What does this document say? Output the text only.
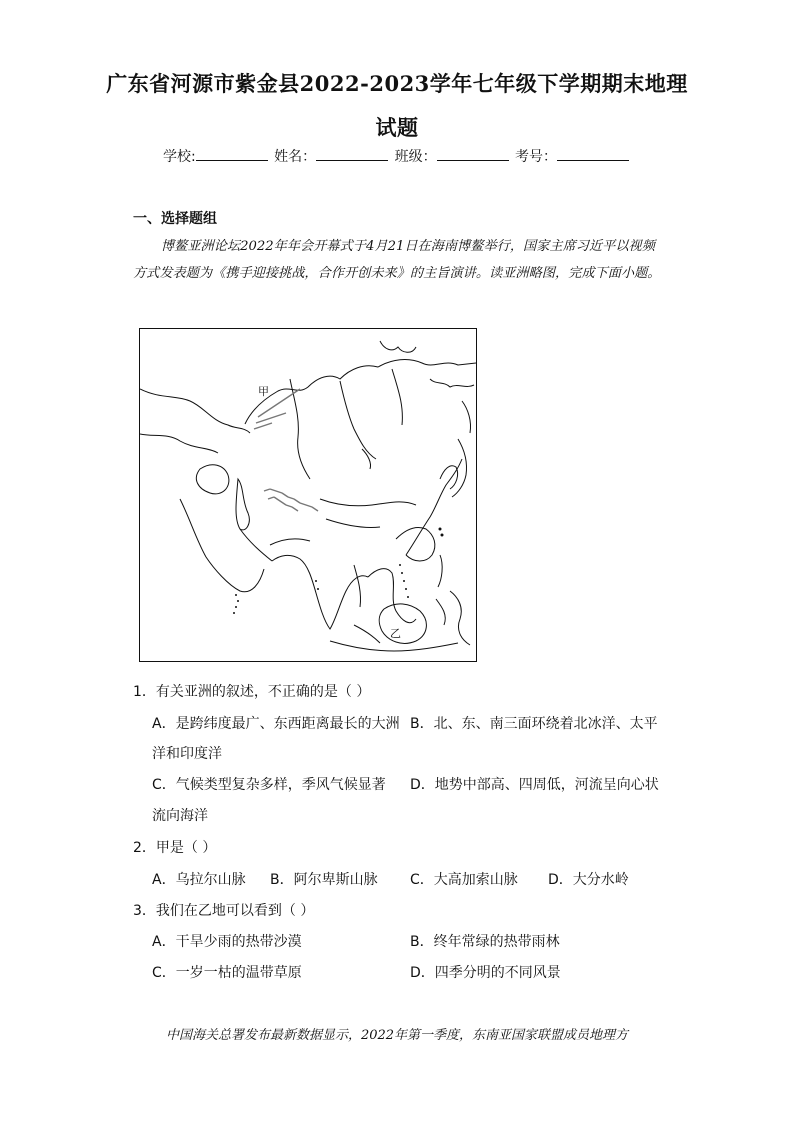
广东省河源市紫金县2022-2023学年七年级下学期期末地理
试题
学校:	姓名：	班级：	考号：
一、选择题组
博鳌亚洲论坛2022年年会开幕式于4月21日在海南博鳌举行，国家主席习近平以视频方式发表题为《携手迎接挑战，合作开创未来》的主旨演讲。读亚洲略图，完成下面小题。
甲
乙
1．有关亚洲的叙述，不正确的是（ ）
A．是跨纬度最广、东西距离最长的大洲 B．北、东、南三面环绕着北冰洋、太平
洋和印度洋
C．气候类型复杂多样，季风气候显著 D．地势中部高、四周低，河流呈向心状
流向海洋
2．甲是（ ）
A．乌拉尔山脉 B．阿尔卑斯山脉 C．大高加索山脉 D．大分水岭
3．我们在乙地可以看到（ ）
A．干旱少雨的热带沙漠	B．终年常绿的热带雨林
C．一岁一枯的温带草原	D．四季分明的不同风景
中国海关总署发布最新数据显示，2022年第一季度，东南亚国家联盟成员地理方
